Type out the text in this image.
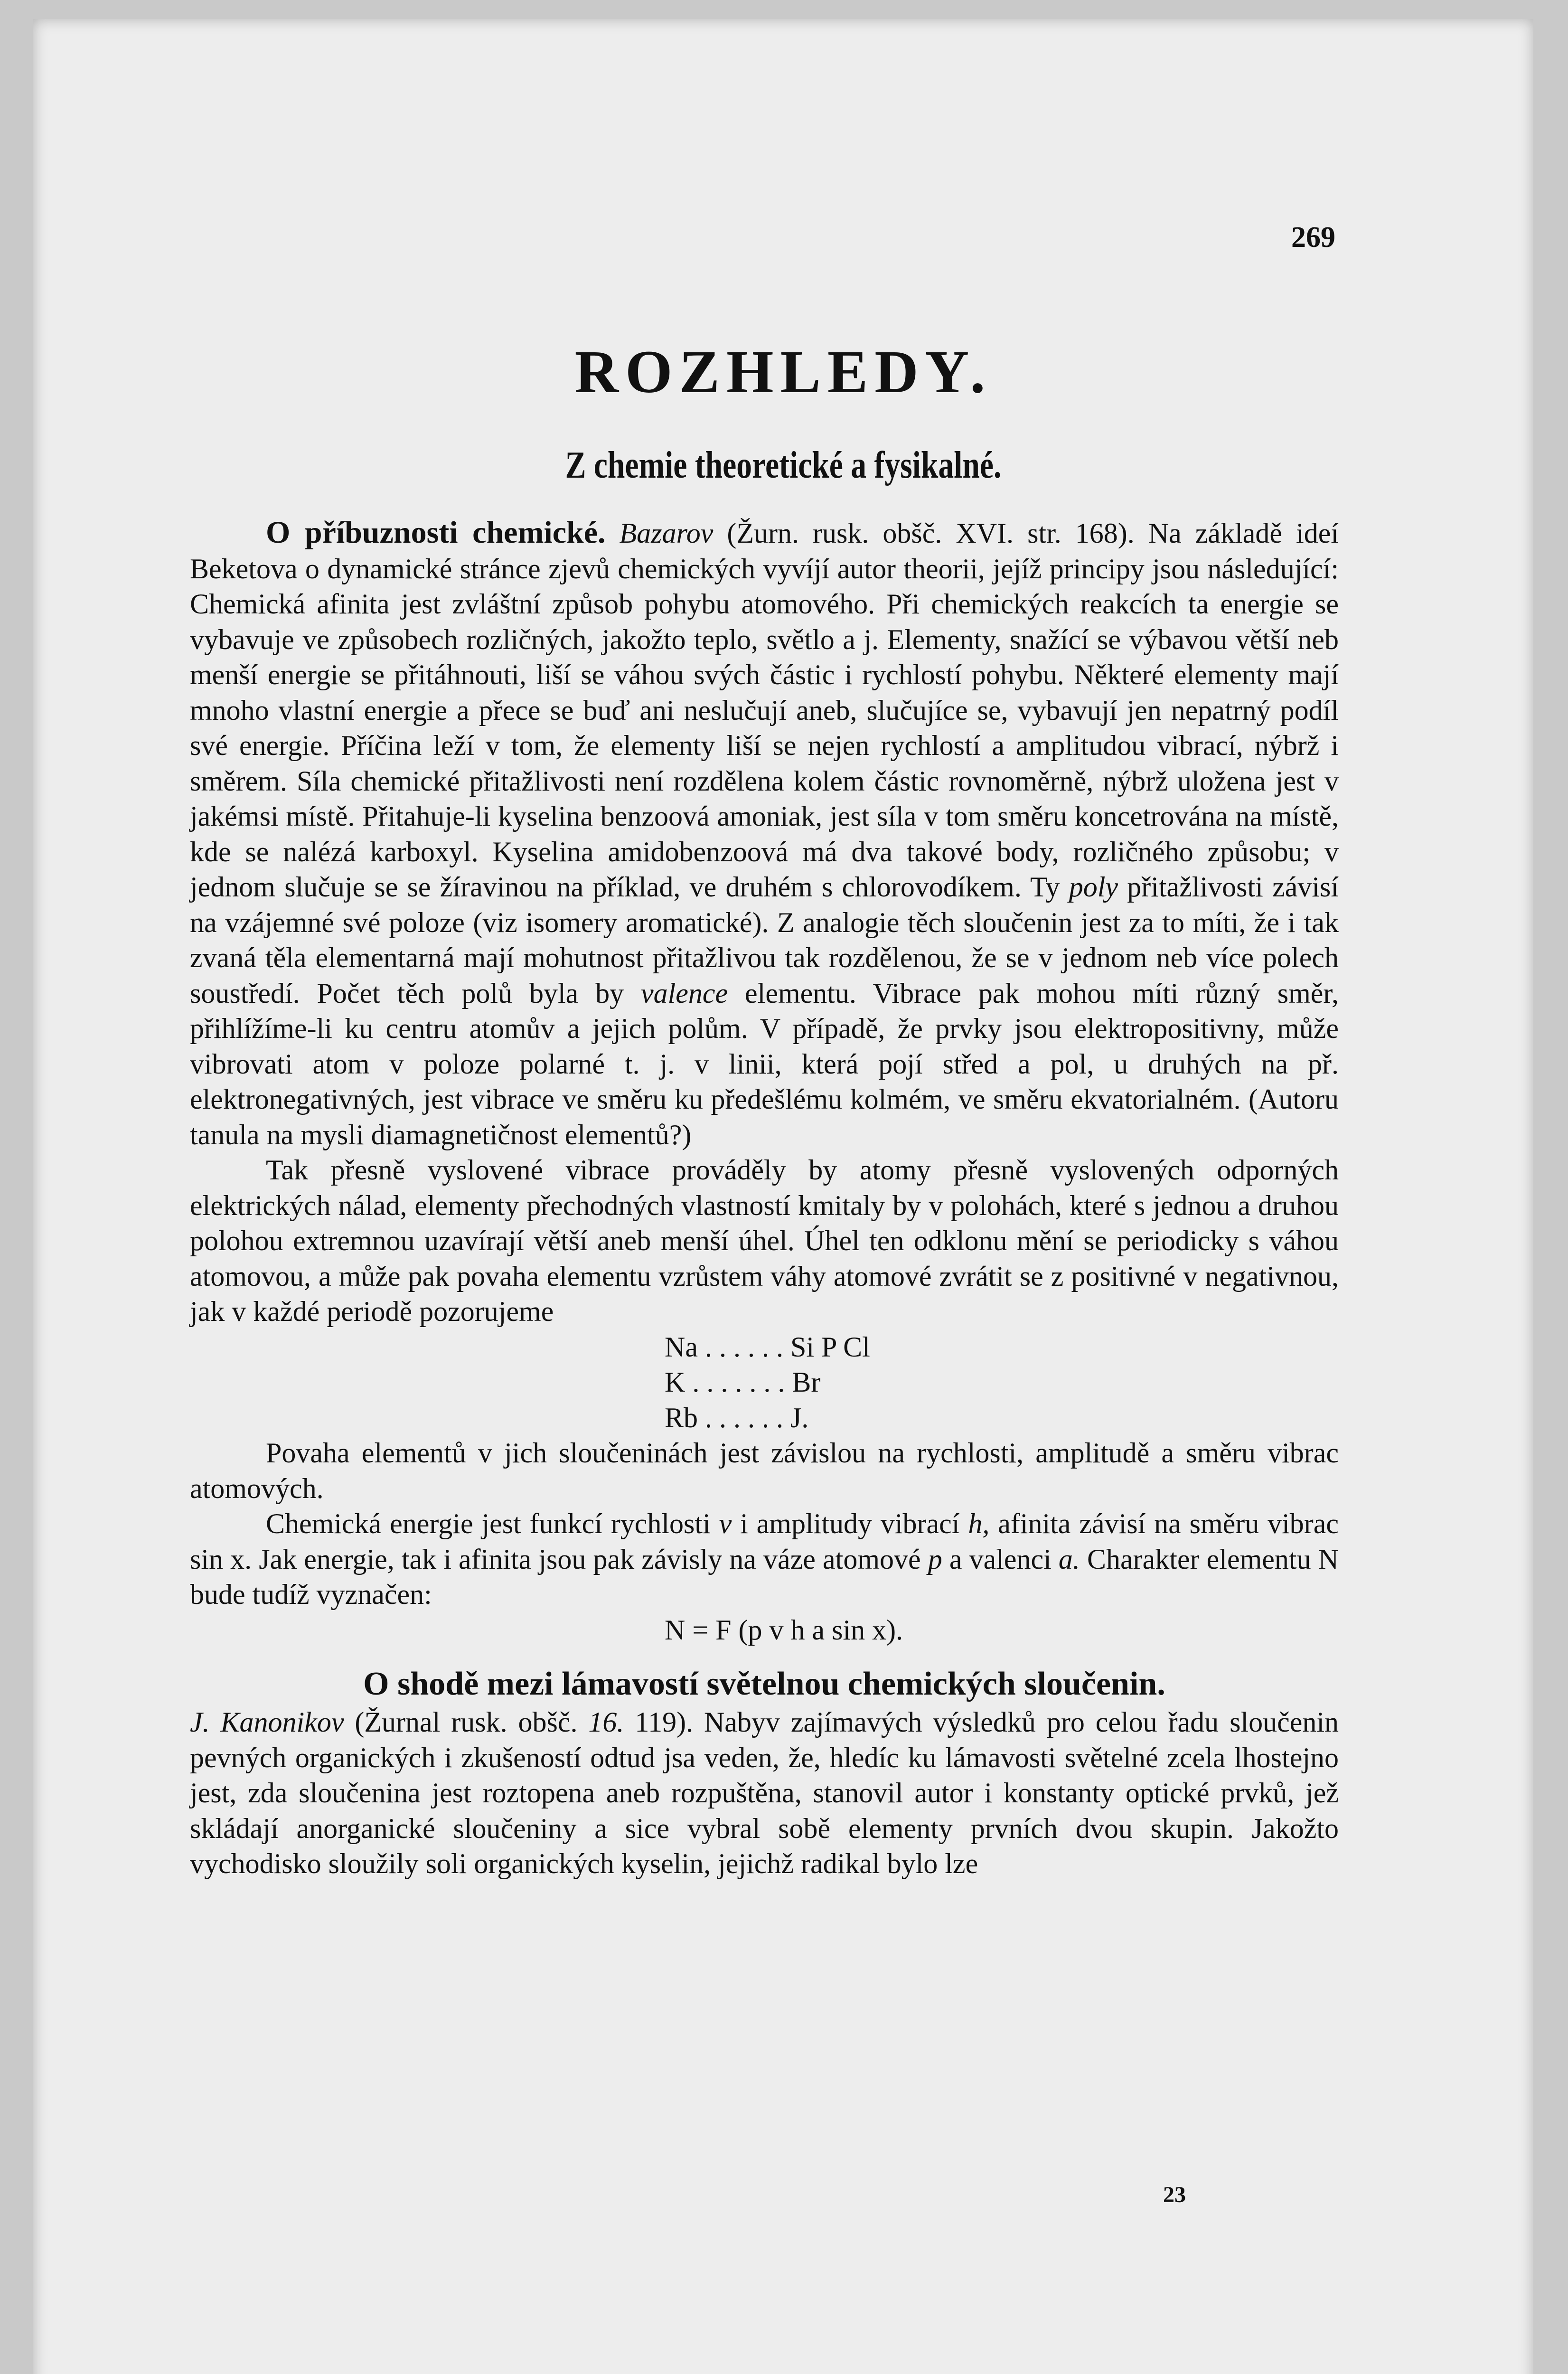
269
ROZHLEDY.
Z chemie theoretické a fysikalné.

O příbuznosti chemické. Bazarov (Žurn. rusk. obšč. XVI. str. 168). Na základě ideí Beketova o dynamické stránce zjevů chemických vyvíjí autor theorii, jejíž principy jsou následující: Chemická afinita jest zvláštní způsob pohybu atomového. Při chemických reakcích ta energie se vybavuje ve způsobech rozličných, jakožto teplo, světlo a j. Elementy, snažící se výbavou větší neb menší energie se přitáhnouti, liší se váhou svých částic i rychlostí pohybu. Některé elementy mají mnoho vlastní energie a přece se buď ani neslučují aneb, slučujíce se, vybavují jen nepatrný podíl své energie. Příčina leží v tom, že elementy liší se nejen rychlostí a amplitudou vibrací, nýbrž i směrem. Síla chemické přitažlivosti není rozdělena kolem částic rovnoměrně, nýbrž uložena jest v jakémsi místě. Přitahuje-li kyselina benzoová amoniak, jest síla v tom směru koncetrována na místě, kde se nalézá karboxyl. Kyselina amidobenzoová má dva takové body, rozličného způsobu; v jednom slučuje se se žíravinou na příklad, ve druhém s chlorovodíkem. Ty poly přitažlivosti závisí na vzájemné své poloze (viz isomery aromatické). Z analogie těch sloučenin jest za to míti, že i tak zvaná těla elementarná mají mohutnost přitažlivou tak rozdělenou, že se v jednom neb více polech soustředí. Počet těch polů byla by valence elementu. Vibrace pak mohou míti různý směr, přihlížíme-li ku centru atomův a jejich polům. V případě, že prvky jsou elektropositivny, může vibrovati atom v poloze polarné t. j. v linii, která pojí střed a pol, u druhých na př. elektronegativných, jest vibrace ve směru ku předešlému kolmém, ve směru ekvatorialném. (Autoru tanula na mysli diamagnetičnost elementů?)

Tak přesně vyslovené vibrace prováděly by atomy přesně vyslovených odporných elektrických nálad, elementy přechodných vlastností kmitaly by v polohách, které s jednou a druhou polohou extremnou uzavírají větší aneb menší úhel. Úhel ten odklonu mění se periodicky s váhou atomovou, a může pak povaha elementu vzrůstem váhy atomové zvrátit se z positivné v negativnou, jak v každé periodě pozorujeme

Na . . . . . . Si P Cl
K . . . . . . . Br
Rb . . . . . . J.

Povaha elementů v jich sloučeninách jest závislou na rychlosti, amplitudě a směru vibrac atomových.

Chemická energie jest funkcí rychlosti v i amplitudy vibrací h, afinita závisí na směru vibrac sin x. Jak energie, tak i afinita jsou pak závisly na váze atomové p a valenci a. Charakter elementu N bude tudíž vyznačen:

N = F (p v h a sin x).

O shodě mezi lámavostí světelnou chemických sloučenin.
J. Kanonikov (Žurnal rusk. obšč. 16. 119). Nabyv zajímavých výsledků pro celou řadu sloučenin pevných organických i zkušeností odtud jsa veden, že, hledíc ku lámavosti světelné zcela lhostejno jest, zda sloučenina jest roztopena aneb rozpuštěna, stanovil autor i konstanty optické prvků, jež skládají anorganické sloučeniny a sice vybral sobě elementy prvních dvou skupin. Jakožto vychodisko sloužily soli organických kyselin, jejichž radikal bylo lze

23
